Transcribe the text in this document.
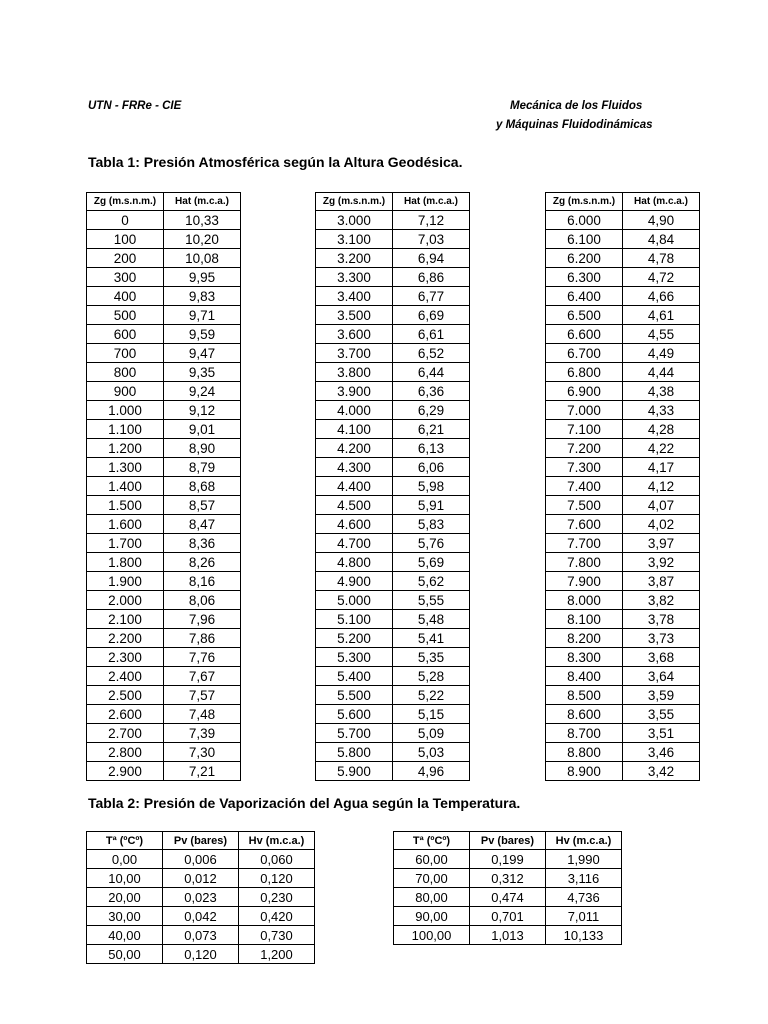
UTN - FRRe - CIE	Mecánica de los Fluidos
y Máquinas Fluidodinámicas
Tabla 1: Presión Atmosférica según la Altura Geodésica.
Zg (m.s.n.m.)	Hat (m.c.a.)
0	10,33
100	10,20
200	10,08
300	9,95
400	9,83
500	9,71
600	9,59
700	9,47
800	9,35
900	9,24
1.000	9,12
1.100	9,01
1.200	8,90
1.300	8,79
1.400	8,68
1.500	8,57
1.600	8,47
1.700	8,36
1.800	8,26
1.900	8,16
2.000	8,06
2.100	7,96
2.200	7,86
2.300	7,76
2.400	7,67
2.500	7,57
2.600	7,48
2.700	7,39
2.800	7,30
2.900	7,21
Zg (m.s.n.m.)	Hat (m.c.a.)
3.000	7,12
3.100	7,03
3.200	6,94
3.300	6,86
3.400	6,77
3.500	6,69
3.600	6,61
3.700	6,52
3.800	6,44
3.900	6,36
4.000	6,29
4.100	6,21
4.200	6,13
4.300	6,06
4.400	5,98
4.500	5,91
4.600	5,83
4.700	5,76
4.800	5,69
4.900	5,62
5.000	5,55
5.100	5,48
5.200	5,41
5.300	5,35
5.400	5,28
5.500	5,22
5.600	5,15
5.700	5,09
5.800	5,03
5.900	4,96
Zg (m.s.n.m.)	Hat (m.c.a.)
6.000	4,90
6.100	4,84
6.200	4,78
6.300	4,72
6.400	4,66
6.500	4,61
6.600	4,55
6.700	4,49
6.800	4,44
6.900	4,38
7.000	4,33
7.100	4,28
7.200	4,22
7.300	4,17
7.400	4,12
7.500	4,07
7.600	4,02
7.700	3,97
7.800	3,92
7.900	3,87
8.000	3,82
8.100	3,78
8.200	3,73
8.300	3,68
8.400	3,64
8.500	3,59
8.600	3,55
8.700	3,51
8.800	3,46
8.900	3,42
Tabla 2: Presión de Vaporización del Agua según la Temperatura.
Tª (ºCº)	Pv (bares)	Hv (m.c.a.)
0,00	0,006	0,060
10,00	0,012	0,120
20,00	0,023	0,230
30,00	0,042	0,420
40,00	0,073	0,730
50,00	0,120	1,200
Tª (ºCº)	Pv (bares)	Hv (m.c.a.)
60,00	0,199	1,990
70,00	0,312	3,116
80,00	0,474	4,736
90,00	0,701	7,011
100,00	1,013	10,133
